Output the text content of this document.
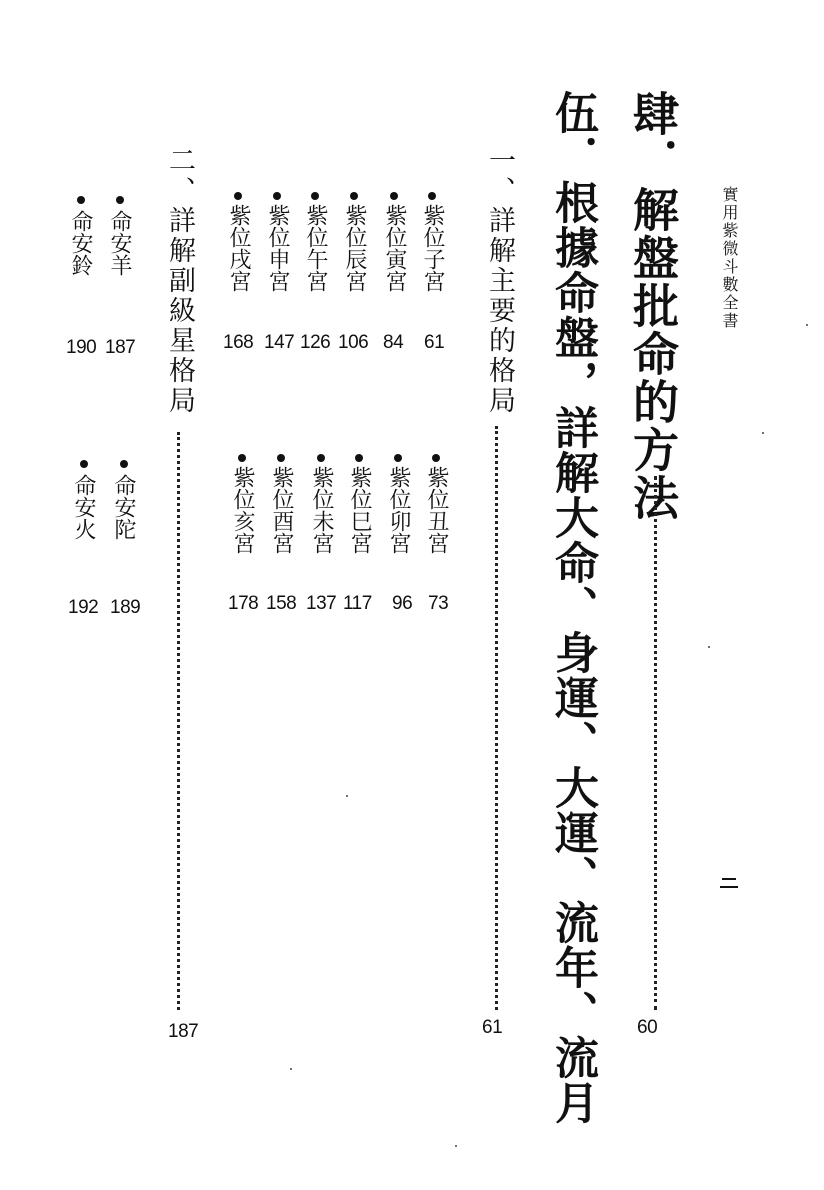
實用紫微斗數全書
肆．解盤批命的方法
60
伍．根據命盤，詳解大命、身運、大運、流年、流月
一、詳解主要的格局
61
紫位子宮
61
紫位寅宮
84
紫位辰宮
106
紫位午宮
126
紫位申宮
147
紫位戌宮
168
紫位丑宮
73
紫位卯宮
96
紫位巳宮
117
紫位未宮
137
紫位酉宮
158
紫位亥宮
178
二、詳解副級星格局
187
命安羊
187
命安鈴
190
命安陀
189
命安火
192
